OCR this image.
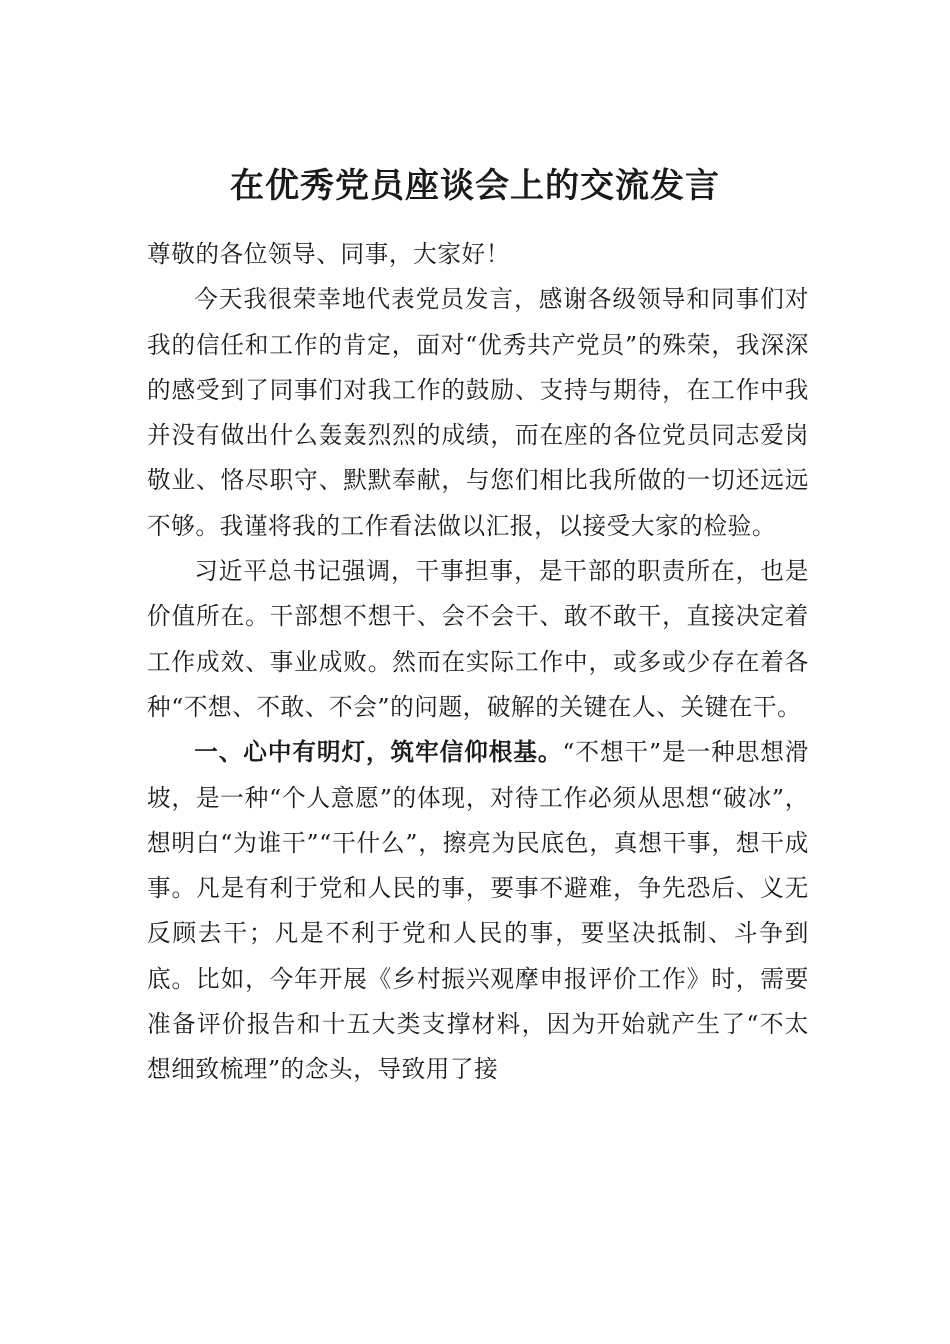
在优秀党员座谈会上的交流发言

尊敬的各位领导、同事，大家好！

今天我很荣幸地代表党员发言，感谢各级领导和同事们对我的信任和工作的肯定，面对“优秀共产党员”的殊荣，我深深的感受到了同事们对我工作的鼓励、支持与期待，在工作中我并没有做出什么轰轰烈烈的成绩，而在座的各位党员同志爱岗敬业、恪尽职守、默默奉献，与您们相比我所做的一切还远远不够。我谨将我的工作看法做以汇报，以接受大家的检验。

习近平总书记强调，干事担事，是干部的职责所在，也是价值所在。干部想不想干、会不会干、敢不敢干，直接决定着工作成效、事业成败。然而在实际工作中，或多或少存在着各种“不想、不敢、不会”的问题，破解的关键在人、关键在干。

一、心中有明灯，筑牢信仰根基。“不想干”是一种思想滑坡，是一种“个人意愿”的体现，对待工作必须从思想“破冰”，想明白“为谁干”“干什么”，擦亮为民底色，真想干事，想干成事。凡是有利于党和人民的事，要事不避难，争先恐后、义无反顾去干；凡是不利于党和人民的事，要坚决抵制、斗争到底。比如，今年开展《乡村振兴观摩申报评价工作》时，需要准备评价报告和十五大类支撑材料，因为开始就产生了“不太想细致梳理”的念头，导致用了接
